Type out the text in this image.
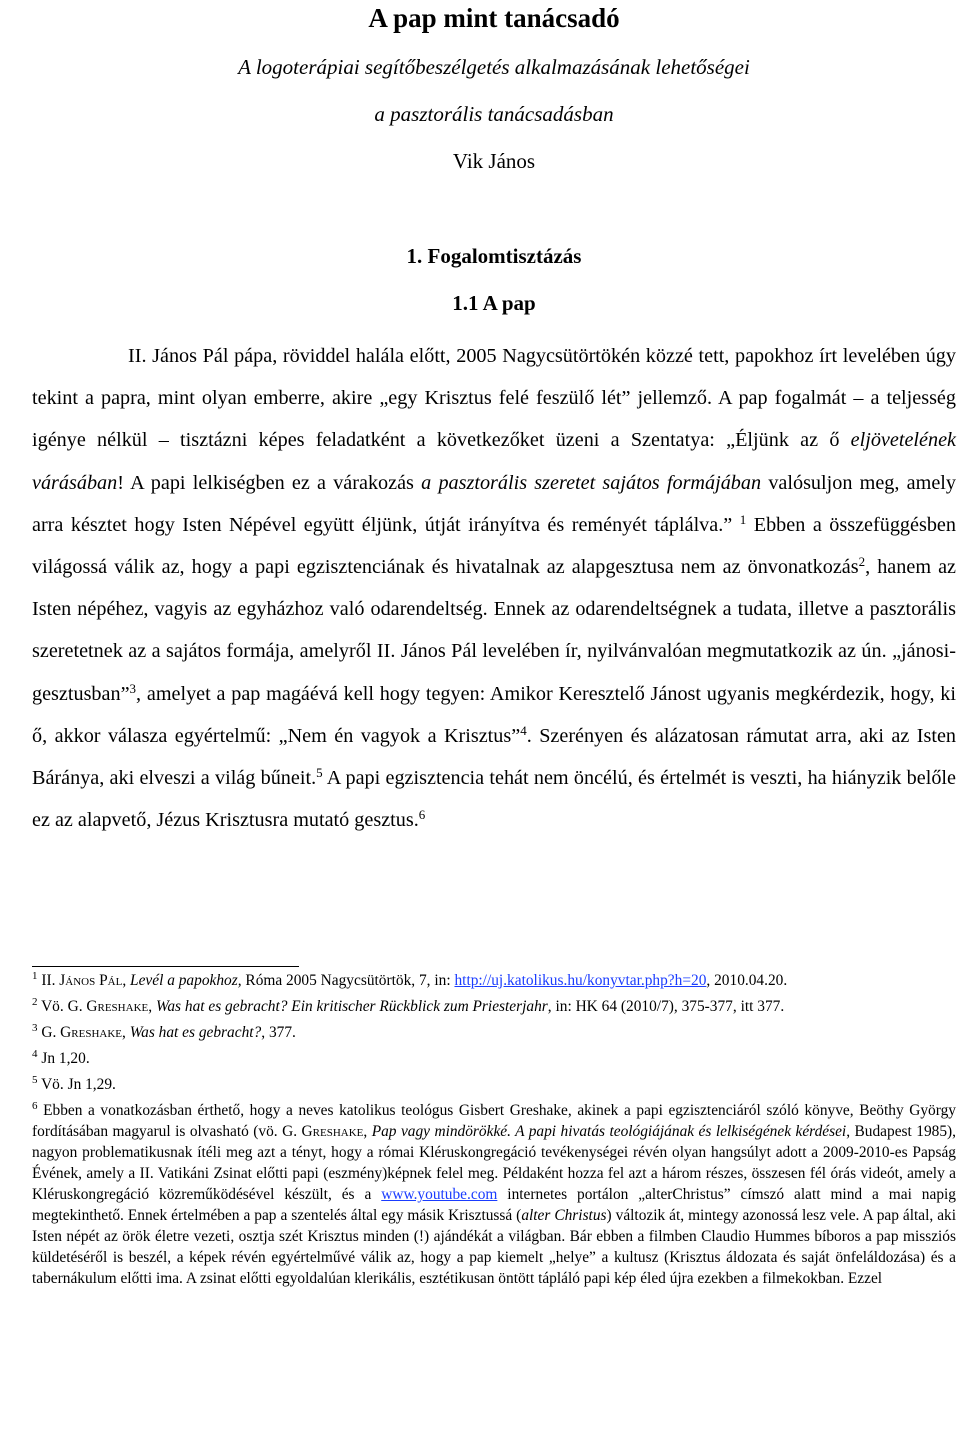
A pap mint tanácsadó
A logoterápiai segítőbeszélgetés alkalmazásának lehetőségei
a pasztorális tanácsadásban
Vik János
1. Fogalomtisztázás
1.1 A pap
II. János Pál pápa, röviddel halála előtt, 2005 Nagycsütörtökén közzé tett, papokhoz írt levelében úgy tekint a papra, mint olyan emberre, akire „egy Krisztus felé feszülő lét” jellemző. A pap fogalmát – a teljesség igénye nélkül – tisztázni képes feladatként a következőket üzeni a Szentatya: „Éljünk az ő eljövetelének várásában! A papi lelkiségben ez a várakozás a pasztorális szeretet sajátos formájában valósuljon meg, amely arra késztet hogy Isten Népével együtt éljünk, útját irányítva és reményét táplálva.” $^1$ Ebben a összefüggésben világossá válik az, hogy a papi egzisztenciának és hivatalnak az alapgesztusa nem az önvonatkozás$^2$, hanem az Isten népéhez, vagyis az egyházhoz való odarendeltség. Ennek az odarendeltségnek a tudata, illetve a pasztorális szeretetnek az a sajátos formája, amelyről II. János Pál levelében ír, nyilvánvalóan megmutatkozik az ún. „jánosi-gesztusban”$^3$, amelyet a pap magáévá kell hogy tegyen: Amikor Keresztelő Jánost ugyanis megkérdezik, hogy, ki ő, akkor válasza egyértelmű: „Nem én vagyok a Krisztus”$^4$. Szerényen és alázatosan rámutat arra, aki az Isten Báránya, aki elveszi a világ bűneit.$^5$ A papi egzisztencia tehát nem öncélú, és értelmét is veszti, ha hiányzik belőle ez az alapvető, Jézus Krisztusra mutató gesztus.$^6$
$^1$ II. János Pál, Levél a papokhoz, Róma 2005 Nagycsütörtök, 7, in: http://uj.katolikus.hu/konyvtar.php?h=20, 2010.04.20.
$^2$ Vö. G. Greshake, Was hat es gebracht? Ein kritischer Rückblick zum Priesterjahr, in: HK 64 (2010/7), 375-377, itt 377.
$^3$ G. Greshake, Was hat es gebracht?, 377.
$^4$ Jn 1,20.
$^5$ Vö. Jn 1,29.
$^6$ Ebben a vonatkozásban érthető, hogy a neves katolikus teológus Gisbert Greshake, akinek a papi egzisztenciáról szóló könyve, Beöthy György fordításában magyarul is olvasható (vö. G. Greshake, Pap vagy mindörökké. A papi hivatás teológiájának és lelkiségének kérdései, Budapest 1985), nagyon problematikusnak ítéli meg azt a tényt, hogy a római Kléruskongregáció tevékenységei révén olyan hangsúlyt adott a 2009-2010-es Papság Évének, amely a II. Vatikáni Zsinat előtti papi (eszmény)képnek felel meg. Példaként hozza fel azt a három részes, összesen fél órás videót, amely a Kléruskongregáció közreműködésével készült, és a www.youtube.com internetes portálon „alterChristus” címszó alatt mind a mai napig megtekinthető. Ennek értelmében a pap a szentelés által egy másik Krisztussá (alter Christus) változik át, mintegy azonossá lesz vele. A pap által, aki Isten népét az örök életre vezeti, osztja szét Krisztus minden (!) ajándékát a világban. Bár ebben a filmben Claudio Hummes bíboros a pap missziós küldetéséről is beszél, a képek révén egyértelművé válik az, hogy a pap kiemelt „helye” a kultusz (Krisztus áldozata és saját önfeláldozása) és a tabernákulum előtti ima. A zsinat előtti egyoldalúan klerikális, esztétikusan öntött tápláló papi kép éled újra ezekben a filmekokban. Ezzel
